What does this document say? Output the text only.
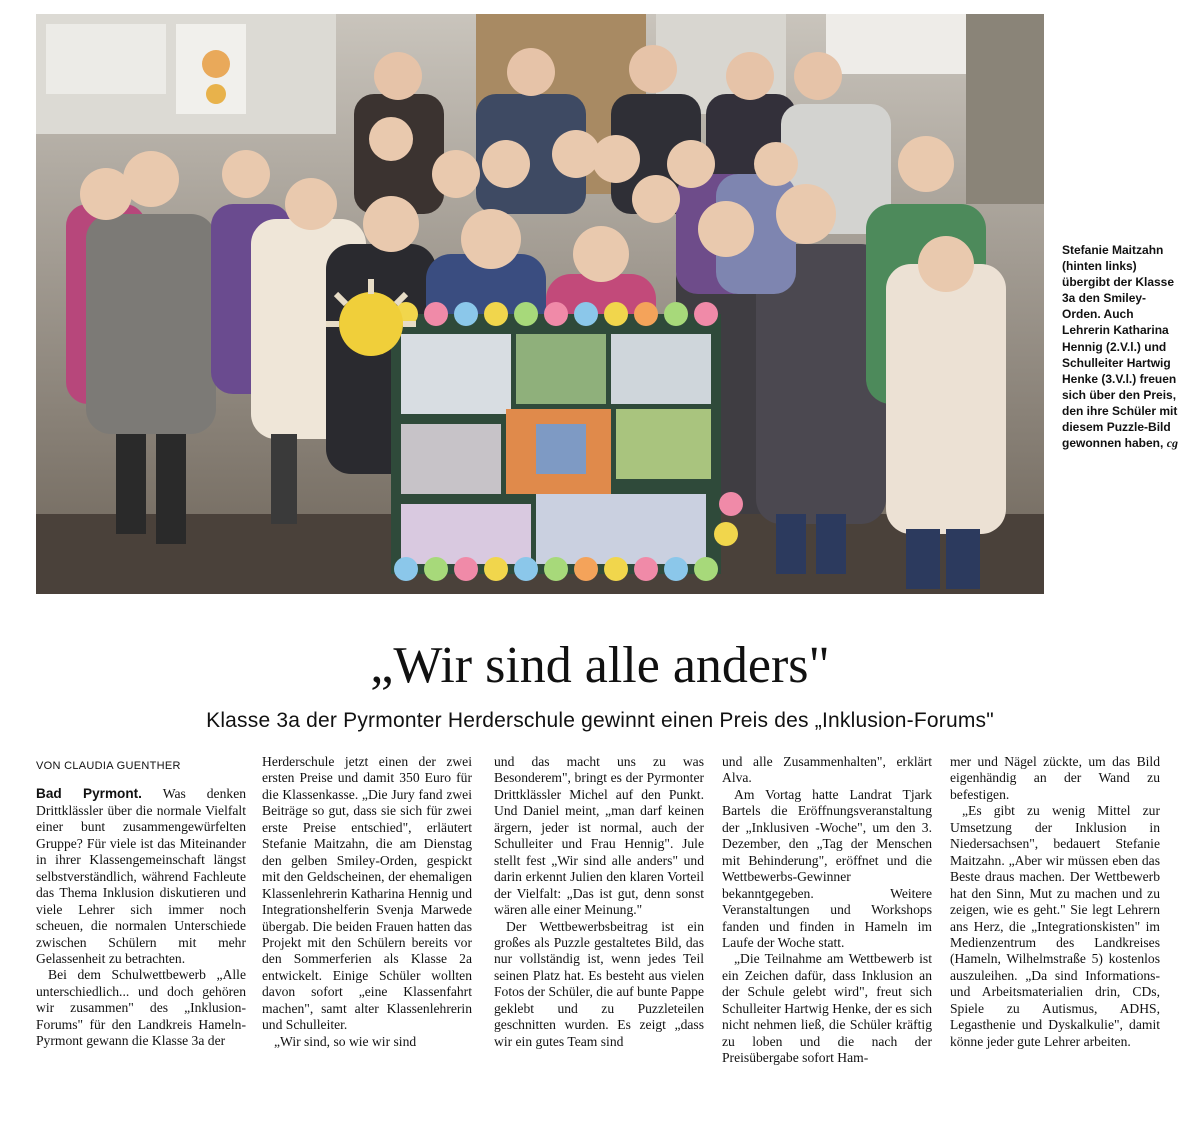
Stefanie Maitzahn (hinten links) übergibt der Klasse 3a den Smiley-Orden. Auch Lehrerin Katharina Hennig (2.V.l.) und Schulleiter Hartwig Henke (3.V.l.) freuen sich über den Preis, den ihre Schüler mit diesem Puzzle-Bild gewonnen haben, cg
„Wir sind alle anders"
Klasse 3a der Pyrmonter Herderschule gewinnt einen Preis des „Inklusion-Forums"
VON CLAUDIA GUENTHER

Bad Pyrmont. Was denken Drittklässler über die normale Vielfalt einer bunt zusammengewürfelten Gruppe? Für viele ist das Miteinander in ihrer Klassengemeinschaft längst selbstverständlich, während Fachleute das Thema Inklusion diskutieren und viele Lehrer sich immer noch scheuen, die normalen Unterschiede zwischen Schülern mit mehr Gelassenheit zu betrachten.

Bei dem Schulwettbewerb „Alle unterschiedlich... und doch gehören wir zusammen" des „Inklusion-Forums" für den Landkreis Hameln-Pyrmont gewann die Klasse 3a der

Herderschule jetzt einen der zwei ersten Preise und damit 350 Euro für die Klassenkasse. „Die Jury fand zwei Beiträge so gut, dass sie sich für zwei erste Preise entschied", erläutert Stefanie Maitzahn, die am Dienstag den gelben Smiley-Orden, gespickt mit den Geldscheinen, der ehemaligen Klassenlehrerin Katharina Hennig und Integrationshelferin Svenja Marwede übergab. Die beiden Frauen hatten das Projekt mit den Schülern bereits vor den Sommerferien als Klasse 2a entwickelt. Einige Schüler wollten davon sofort „eine Klassenfahrt machen", samt alter Klassenlehrerin und Schulleiter.

„Wir sind, so wie wir sind

und das macht uns zu was Besonderem", bringt es der Pyrmonter Drittklässler Michel auf den Punkt. Und Daniel meint, „man darf keinen ärgern, jeder ist normal, auch der Schulleiter und Frau Hennig". Jule stellt fest „Wir sind alle anders" und darin erkennt Julien den klaren Vorteil der Vielfalt: „Das ist gut, denn sonst wären alle einer Meinung."

Der Wettbewerbsbeitrag ist ein großes als Puzzle gestaltetes Bild, das nur vollständig ist, wenn jedes Teil seinen Platz hat. Es besteht aus vielen Fotos der Schüler, die auf bunte Pappe geklebt und zu Puzzleteilen geschnitten wurden. Es zeigt „dass wir ein gutes Team sind

und alle Zusammenhalten", erklärt Alva.

Am Vortag hatte Landrat Tjark Bartels die Eröffnungsveranstaltung der „Inklusiven -Woche", um den 3. Dezember, den „Tag der Menschen mit Behinderung", eröffnet und die Wettbewerbs-Gewinner bekanntgegeben. Weitere Veranstaltungen und Workshops fanden und finden in Hameln im Laufe der Woche statt.

„Die Teilnahme am Wettbewerb ist ein Zeichen dafür, dass Inklusion an der Schule gelebt wird", freut sich Schulleiter Hartwig Henke, der es sich nicht nehmen ließ, die Schüler kräftig zu loben und die nach der Preisübergabe sofort Ham-

mer und Nägel zückte, um das Bild eigenhändig an der Wand zu befestigen.

„Es gibt zu wenig Mittel zur Umsetzung der Inklusion in Niedersachsen", bedauert Stefanie Maitzahn. „Aber wir müssen eben das Beste draus machen. Der Wettbewerb hat den Sinn, Mut zu machen und zu zeigen, wie es geht." Sie legt Lehrern ans Herz, die „Integrationskisten" im Medienzentrum des Landkreises (Hameln, Wilhelmstraße 5) kostenlos auszuleihen. „Da sind Informations- und Arbeitsmaterialien drin, CDs, Spiele zu Autismus, ADHS, Legasthenie und Dyskalkulie", damit könne jeder gute Lehrer arbeiten.
